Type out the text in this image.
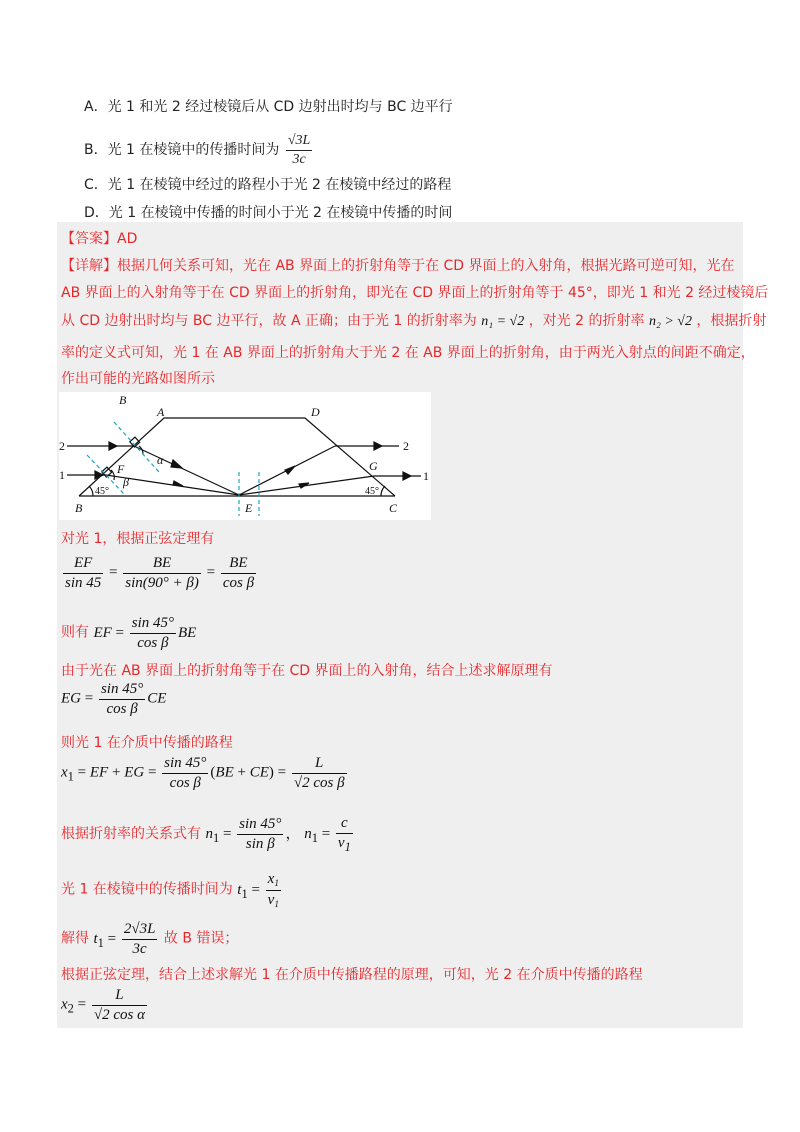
A．光 1 和光 2 经过棱镜后从 CD 边射出时均与 BC 边平行
B．光 1 在棱镜中的传播时间为 $\frac{√3L}{3c}$
C．光 1 在棱镜中经过的路程小于光 2 在棱镜中经过的路程
D．光 1 在棱镜中传播的时间小于光 2 在棱镜中传播的时间
【答案】AD
【详解】根据几何关系可知，光在 AB 界面上的折射角等于在 CD 界面上的入射角，根据光路可逆可知，光在
AB 界面上的入射角等于在 CD 界面上的折射角，即光在 CD 界面上的折射角等于 45°，即光 1 和光 2 经过棱镜后
从 CD 边射出时均与 BC 边平行，故 A 正确；由于光 1 的折射率为 n₁ = √2 ，对光 2 的折射率 n₂ > √2 ，根据折射
率的定义式可知，光 1 在 AB 界面上的折射角大于光 2 在 AB 界面上的折射角，由于两光入射点的间距不确定，
作出可能的光路如图所示
B
A	D
F	G
E
B	C
α
β
2	2
1	1
45°	45°
对光 1，根据正弦定理有
$\frac{EF}{\sin 45} = \frac{BE}{\sin(90^\circ + \beta)} = \frac{BE}{\text{cos β}}$
则有 EF = $\frac{\sin 45^\circ}{\text{cos β}}$ BE
由于光在 AB 界面上的折射角等于在 CD 界面上的入射角，结合上述求解原理有
EG = $\frac{\sin 45^\circ}{\text{cos β}}$ CE
则光 1 在介质中传播的路程
$x_1$ = EF + EG = $\frac{\sin 45^\circ}{\text{cos β}} (BE + CE) = \frac{L}{\text{√2 cos β}}$
根据折射率的关系式有 $n_1 = \frac{\sin 45^\circ}{\text{sin β}}$ ， $n_1 = \frac{c}{v_1}$
光 1 在棱镜中的传播时间为 $t_1 = \frac{x_1}{v_1}$
解得 $t_1 = \frac{2√3L}{3c}$ 故 B 错误；
根据正弦定理，结合上述求解光 1 在介质中传播路程的原理，可知，光 2 在介质中传播的路程
$x_2 = \frac{L}{\text{√2 cos α}}$
